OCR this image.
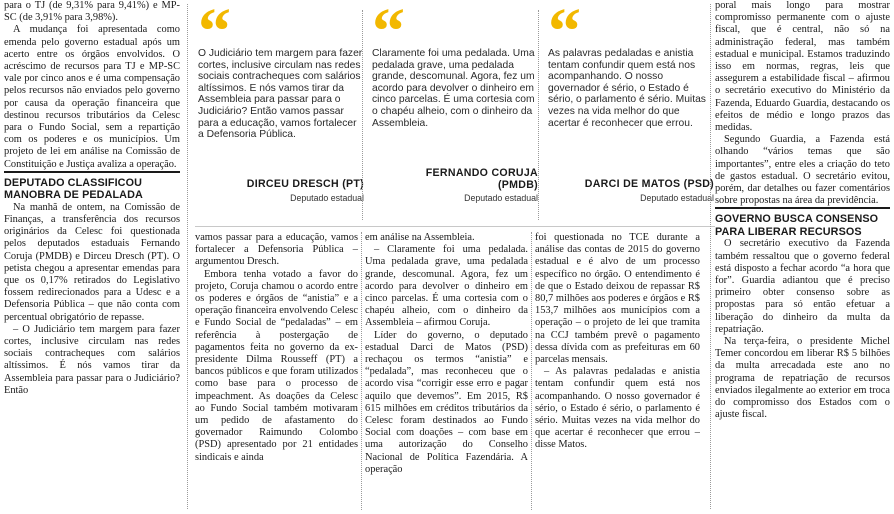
para o TJ (de 9,31% para 9,41%) e MP-SC (de 3,91% para 3,98%).

A mudança foi apresentada como emenda pelo governo estadual após um acerto entre os órgãos envolvidos. O acréscimo de recursos para TJ e MP-SC vale por cinco anos e é uma compensação pelos recursos não enviados pelo governo por causa da operação financeira que destinou recursos tributários da Celesc para o Fundo Social, sem a repartição com os poderes e os municípios. Um projeto de lei em análise na Comissão de Constituição e Justiça avaliza a operação.

DEPUTADO CLASSIFICOU MANOBRA DE PEDALADA

Na manhã de ontem, na Comissão de Finanças, a transferência dos recursos originários da Celesc foi questionada pelos deputados estaduais Fernando Coruja (PMDB) e Dirceu Dresch (PT). O petista chegou a apresentar emendas para que os 0,17% retirados do Legislativo fossem redirecionados para a Udesc e a Defensoria Pública – que não conta com percentual obrigatório de repasse.

– O Judiciário tem margem para fazer cortes, inclusive circulam nas redes sociais contracheques com salários altíssimos. É nós vamos tirar da Assembleia para passar para o Judiciário? Então

“
O Judiciário tem margem para fazer cortes, inclusive circulam nas redes sociais contracheques com salários altíssimos. E nós vamos tirar da Assembleia para passar para o Judiciário? Então vamos passar para a educação, vamos fortalecer a Defensoria Pública.
DIRCEU DRESCH (PT)
Deputado estadual
“
Claramente foi uma pedalada. Uma pedalada grave, uma pedalada grande, descomunal. Agora, fez um acordo para devolver o dinheiro em cinco parcelas. É uma cortesia com o chapéu alheio, com o dinheiro da Assembleia.
FERNANDO CORUJA (PMDB)
Deputado estadual
“
As palavras pedaladas e anistia tentam confundir quem está nos acompanhando. O nosso governador é sério, o Estado é sério, o parlamento é sério. Muitas vezes na vida melhor do que acertar é reconhecer que errou.
DARCI DE MATOS (PSD)
Deputado estadual

vamos passar para a educação, vamos fortalecer a Defensoria Pública – argumentou Dresch.

Embora tenha votado a favor do projeto, Coruja chamou o acordo entre os poderes e órgãos de “anistia” e a operação financeira envolvendo Celesc e Fundo Social de “pedaladas” – em referência à postergação de pagamentos feita no governo da ex-presidente Dilma Rousseff (PT) a bancos públicos e que foram utilizados como base para o processo de impeachment. As doações da Celesc ao Fundo Social também motivaram um pedido de afastamento do governador Raimundo Colombo (PSD) apresentado por 21 entidades sindicais e ainda

em análise na Assembleia.

– Claramente foi uma pedalada. Uma pedalada grave, uma pedalada grande, descomunal. Agora, fez um acordo para devolver o dinheiro em cinco parcelas. É uma cortesia com o chapéu alheio, com o dinheiro da Assembleia – afirmou Coruja.

Líder do governo, o deputado estadual Darci de Matos (PSD) rechaçou os termos “anistia” e “pedalada”, mas reconheceu que o acordo visa “corrigir esse erro e pagar aquilo que devemos”. Em 2015, R$ 615 milhões em créditos tributários da Celesc foram destinados ao Fundo Social com doações – com base em uma autorização do Conselho Nacional de Política Fazendária. A operação

foi questionada no TCE durante a análise das contas de 2015 do governo estadual e é alvo de um processo específico no órgão. O entendimento é de que o Estado deixou de repassar R$ 80,7 milhões aos poderes e órgãos e R$ 153,7 milhões aos municípios com a operação – o projeto de lei que tramita na CCJ também prevê o pagamento dessa dívida com as prefeituras em 60 parcelas mensais.

– As palavras pedaladas e anistia tentam confundir quem está nos acompanhando. O nosso governador é sério, o Estado é sério, o parlamento é sério. Muitas vezes na vida melhor do que acertar é reconhecer que errou – disse Matos.

poral mais longo para mostrar compromisso permanente com o ajuste fiscal, que é central, não só na administração federal, mas também estadual e municipal. Estamos traduzindo isso em normas, regras, leis que assegurem a estabilidade fiscal – afirmou o secretário executivo do Ministério da Fazenda, Eduardo Guardia, destacando os efeitos de médio e longo prazos das medidas.

Segundo Guardia, a Fazenda está olhando “vários temas que são importantes”, entre eles a criação do teto de gastos estadual. O secretário evitou, porém, dar detalhes ou fazer comentários sobre propostas na área da previdência.

GOVERNO BUSCA CONSENSO PARA LIBERAR RECURSOS

O secretário executivo da Fazenda também ressaltou que o governo federal está disposto a fechar acordo “a hora que for”. Guardia adiantou que é preciso primeiro obter consenso sobre as propostas para só então efetuar a liberação do dinheiro da multa da repatriação.

Na terça-feira, o presidente Michel Temer concordou em liberar R$ 5 bilhões da multa arrecadada este ano no programa de repatriação de recursos enviados ilegalmente ao exterior em troca do compromisso dos Estados com o ajuste fiscal.
